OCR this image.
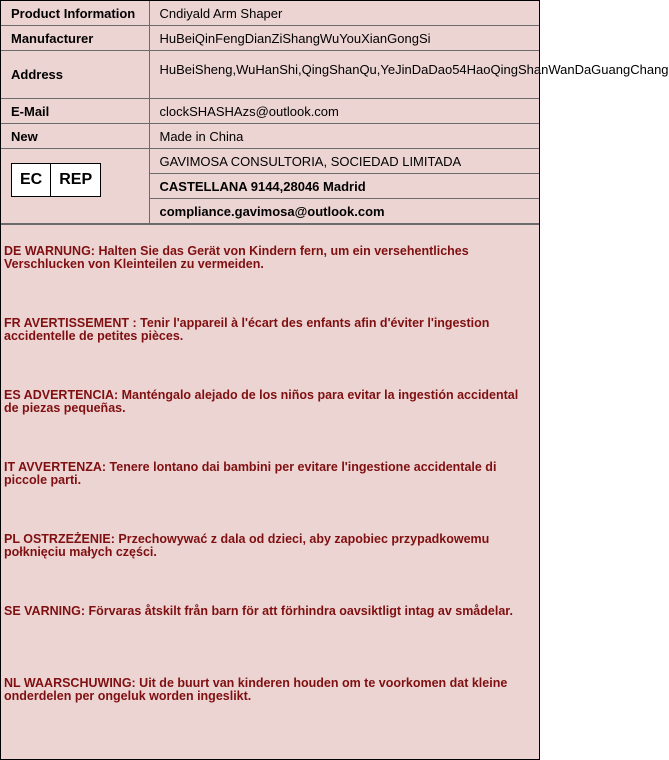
Product Information	Cndiyald Arm Shaper
Manufacturer	HuBeiQinFengDianZiShangWuYouXianGongSi
Address	HuBeiSheng,WuHanShi,QingShanQu,YeJinDaDao54HaoQingShanWanDaGuangChang
E-Mail	clockSHASHAzs@outlook.com
New	Made in China

EC REP	GAVIMOSA CONSULTORIA, SOCIEDAD LIMITADA
	CASTELLANA 9144,28046 Madrid
	compliance.gavimosa@outlook.com

DE WARNUNG: Halten Sie das Gerät von Kindern fern, um ein versehentliches Verschlucken von Kleinteilen zu vermeiden.

FR AVERTISSEMENT : Tenir l'appareil à l'écart des enfants afin d'éviter l'ingestion accidentelle de petites pièces.

ES ADVERTENCIA: Manténgalo alejado de los niños para evitar la ingestión accidental de piezas pequeñas.

IT AVVERTENZA: Tenere lontano dai bambini per evitare l'ingestione accidentale di piccole parti.

PL OSTRZEŻENIE: Przechowywać z dala od dzieci, aby zapobiec przypadkowemu połknięciu małych części.

SE VARNING: Förvaras åtskilt från barn för att förhindra oavsiktligt intag av smådelar.

NL WAARSCHUWING: Uit de buurt van kinderen houden om te voorkomen dat kleine onderdelen per ongeluk worden ingeslikt.
